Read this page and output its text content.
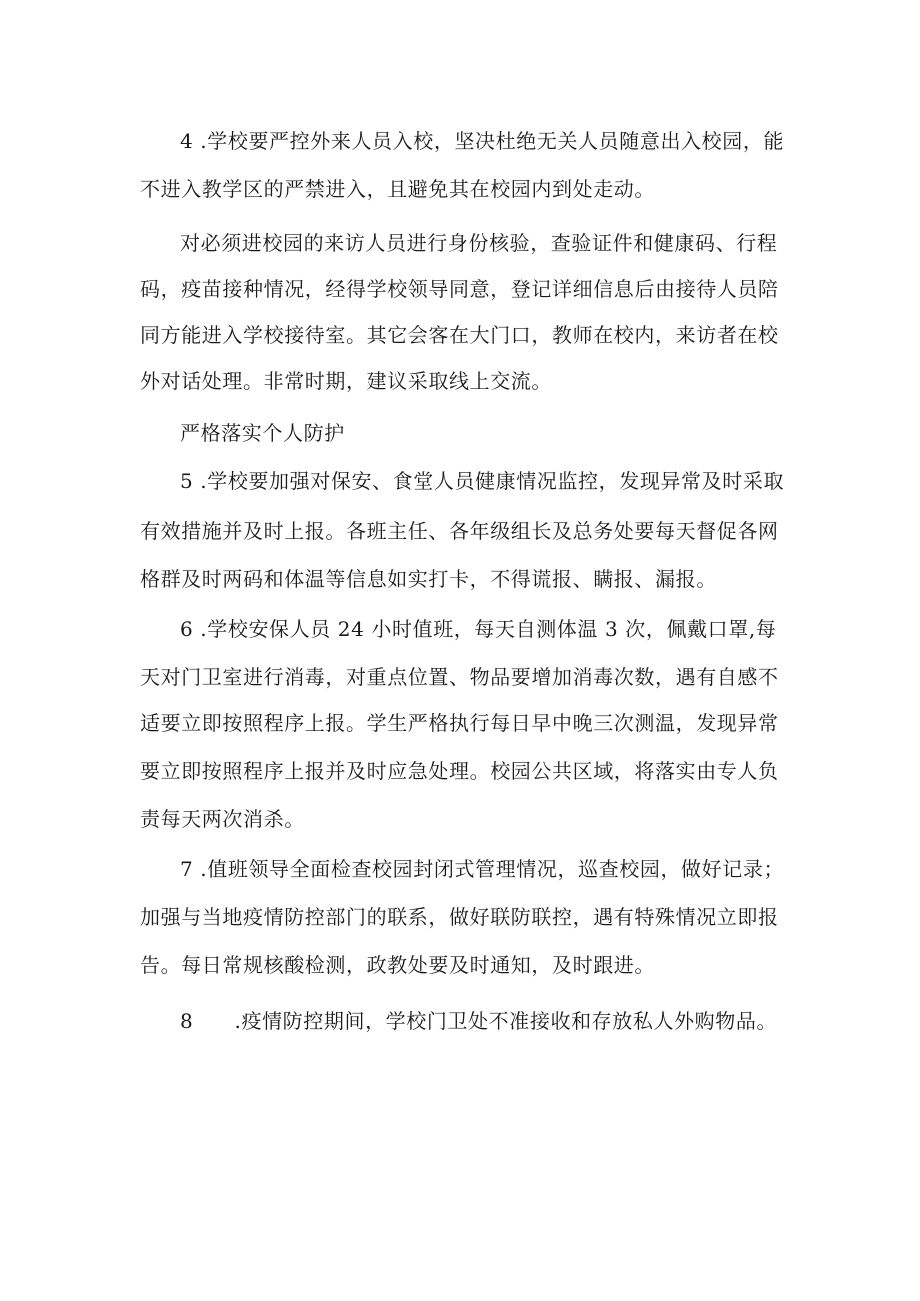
4 .学校要严控外来人员入校，坚决杜绝无关人员随意出入校园，能
不进入教学区的严禁进入，且避免其在校园内到处走动。
对必须进校园的来访人员进行身份核验，查验证件和健康码、行程
码，疫苗接种情况，经得学校领导同意，登记详细信息后由接待人员陪
同方能进入学校接待室。其它会客在大门口，教师在校内，来访者在校
外对话处理。非常时期，建议采取线上交流。
严格落实个人防护
5 .学校要加强对保安、食堂人员健康情况监控，发现异常及时采取
有效措施并及时上报。各班主任、各年级组长及总务处要每天督促各网
格群及时两码和体温等信息如实打卡，不得谎报、瞒报、漏报。
6 .学校安保人员 24 小时值班，每天自测体温 3 次，佩戴口罩,每
天对门卫室进行消毒，对重点位置、物品要增加消毒次数，遇有自感不
适要立即按照程序上报。学生严格执行每日早中晚三次测温，发现异常
要立即按照程序上报并及时应急处理。校园公共区域，将落实由专人负
责每天两次消杀。
7 .值班领导全面检查校园封闭式管理情况，巡查校园，做好记录；
加强与当地疫情防控部门的联系，做好联防联控，遇有特殊情况立即报
告。每日常规核酸检测，政教处要及时通知，及时跟进。
8　　.疫情防控期间，学校门卫处不准接收和存放私人外购物品。
